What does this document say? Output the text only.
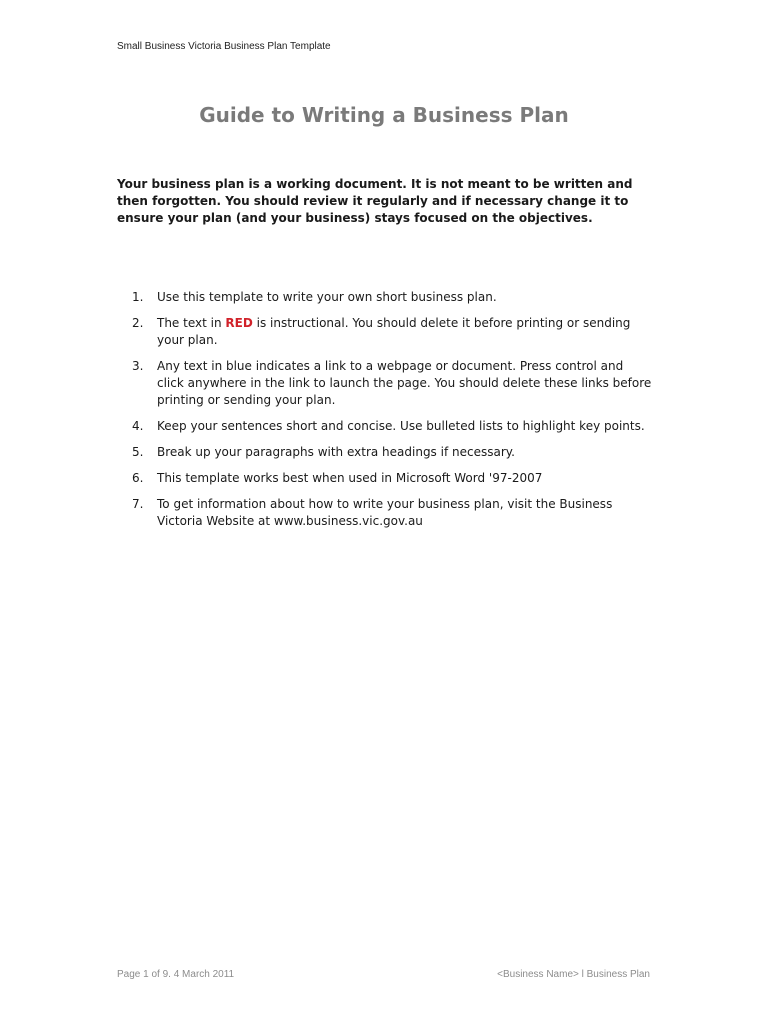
Small Business Victoria Business Plan Template
Guide to Writing a Business Plan

Your business plan is a working document. It is not meant to be written and then forgotten. You should review it regularly and if necessary change it to ensure your plan (and your business) stays focused on the objectives.

1.	Use this template to write your own short business plan.
2.	The text in RED is instructional. You should delete it before printing or sending your plan.
3.	Any text in blue indicates a link to a webpage or document. Press control and click anywhere in the link to launch the page. You should delete these links before printing or sending your plan.
4.	Keep your sentences short and concise. Use bulleted lists to highlight key points.
5.	Break up your paragraphs with extra headings if necessary.
6.	This template works best when used in Microsoft Word '97-2007
7.	To get information about how to write your business plan, visit the Business Victoria Website at www.business.vic.gov.au
Page 1 of 9. 4 March 2011	<Business Name> l Business Plan
